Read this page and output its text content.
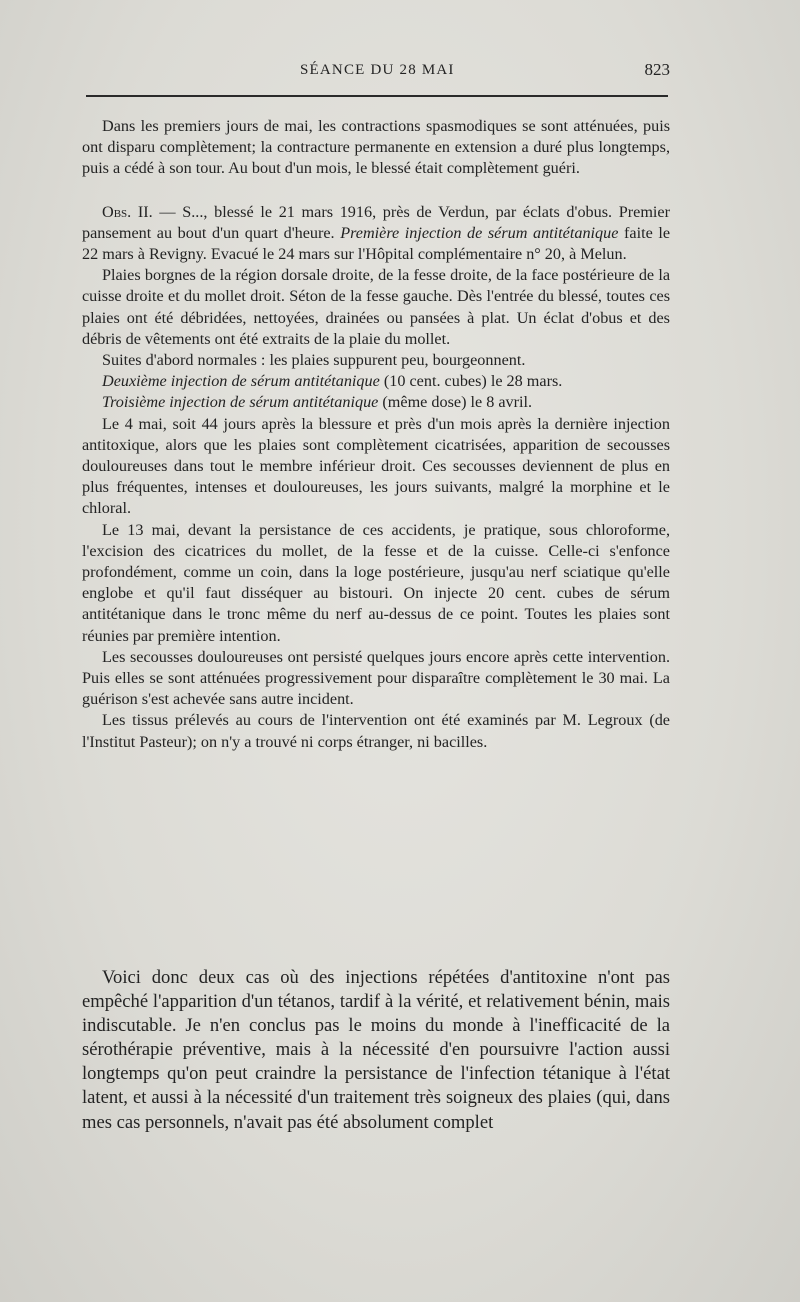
SÉANCE DU 28 MAI	823

Dans les premiers jours de mai, les contractions spasmodiques se sont atténuées, puis ont disparu complètement; la contracture permanente en extension a duré plus longtemps, puis a cédé à son tour. Au bout d'un mois, le blessé était complètement guéri.

Obs. II. — S..., blessé le 21 mars 1916, près de Verdun, par éclats d'obus. Premier pansement au bout d'un quart d'heure. Première injection de sérum antitétanique faite le 22 mars à Revigny. Evacué le 24 mars sur l'Hôpital complémentaire n° 20, à Melun.

Plaies borgnes de la région dorsale droite, de la fesse droite, de la face postérieure de la cuisse droite et du mollet droit. Séton de la fesse gauche. Dès l'entrée du blessé, toutes ces plaies ont été débridées, nettoyées, drainées ou pansées à plat. Un éclat d'obus et des débris de vêtements ont été extraits de la plaie du mollet.

Suites d'abord normales : les plaies suppurent peu, bourgeonnent.

Deuxième injection de sérum antitétanique (10 cent. cubes) le 28 mars.

Troisième injection de sérum antitétanique (même dose) le 8 avril.

Le 4 mai, soit 44 jours après la blessure et près d'un mois après la dernière injection antitoxique, alors que les plaies sont complètement cicatrisées, apparition de secousses douloureuses dans tout le membre inférieur droit. Ces secousses deviennent de plus en plus fréquentes, intenses et douloureuses, les jours suivants, malgré la morphine et le chloral.

Le 13 mai, devant la persistance de ces accidents, je pratique, sous chloroforme, l'excision des cicatrices du mollet, de la fesse et de la cuisse. Celle-ci s'enfonce profondément, comme un coin, dans la loge postérieure, jusqu'au nerf sciatique qu'elle englobe et qu'il faut disséquer au bistouri. On injecte 20 cent. cubes de sérum antitétanique dans le tronc même du nerf au-dessus de ce point. Toutes les plaies sont réunies par première intention.

Les secousses douloureuses ont persisté quelques jours encore après cette intervention. Puis elles se sont atténuées progressivement pour disparaître complètement le 30 mai. La guérison s'est achevée sans autre incident.

Les tissus prélevés au cours de l'intervention ont été examinés par M. Legroux (de l'Institut Pasteur); on n'y a trouvé ni corps étranger, ni bacilles.

Voici donc deux cas où des injections répétées d'antitoxine n'ont pas empêché l'apparition d'un tétanos, tardif à la vérité, et relativement bénin, mais indiscutable. Je n'en conclus pas le moins du monde à l'inefficacité de la sérothérapie préventive, mais à la nécessité d'en poursuivre l'action aussi longtemps qu'on peut craindre la persistance de l'infection tétanique à l'état latent, et aussi à la nécessité d'un traitement très soigneux des plaies (qui, dans mes cas personnels, n'avait pas été absolument complet
